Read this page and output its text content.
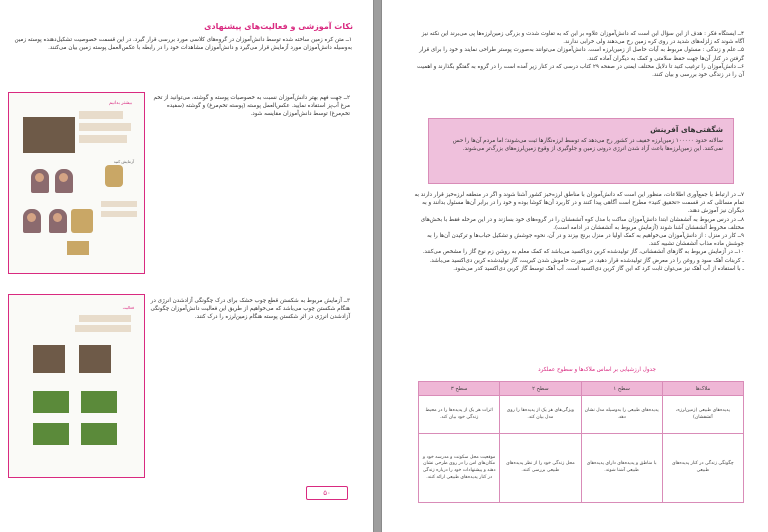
نکات آموزشی و فعالیت‌های پیشنهادی
۱ــ متن کره زمین ساخته شده توسط دانش‌آموزان در گروه‌های کلاسی مورد بررسی قرار گیرد. در این قسمت خصوصیت تشکیل‌دهنده پوسته زمین به‌وسیله دانش‌آموزان مورد آزمایش قرار می‌گیرد و دانش‌آموزان مشاهدات خود را در رابطه با عکس‌العمل پوسته زمین بیان می‌کنند.
۲ــ جهت فهم بهتر دانش‌آموزان نسبت به خصوصیات پوسته و گوشته، می‌توانید از تخم مرغ آب‌پز استفاده نمایید. عکس‌العمل پوسته (پوسته تخم‌مرغ) و گوشته (سفیده تخم‌مرغ) توسط دانش‌آموزان مقایسه شود.
۳ــ آزمایش مربوط به شکستن قطع چوب خشک برای درک چگونگی آزادشدن انرژی در هنگام شکستن چوب می‌باشد که می‌خواهیم از طریق این فعالیت دانش‌آموزان چگونگی آزادشدن انرژی در اثر شکستن پوسته هنگام زمین‌لرزه را درک کنند.
بیشتر بدانیم
آزمایش کنید
فعالیت
۵۰
۴ــ ایستگاه فکر : هدف از این سؤال این است که دانش‌آموزان علاوه بر این که به تفاوت شدت و بزرگی زمین‌لرزه‌ها پی می‌برند این نکته نیز آگاه شوند که زلزله‌های شدید در روی کره زمین رخ می‌دهند ولی خرابی ندارند.
۵ــ علم و زندگی : مسئول مربوط به آیات حاصل از زمین‌لرزه است. دانش‌آموزان می‌توانند به‌صورت پوستر طراحی نمایند و خود را برای قرار گرفتن در کنار آن‌ها جهت حفظ سلامتی و کمک به دیگران آماده کنند.
۶ــ دانش‌آموزان را ترغیب کنید تا دلایل مختلف ایمنی در صفحه ۲۹ کتاب درسی که در کنار زیر آمده است را در گروه به گفتگو بگذارند و اهمیت آن را در زندگی خود بررسی و بیان کنند.
شگفتی‌های آفرینش
سالانه حدود ۱۰۰۰۰۰ زمین‌لرزه خفیف در کشور رخ می‌دهد که توسط لرزه‌نگارها ثبت می‌شوند؛ اما مردم آن‌ها را حس نمی‌کنند. این زمین‌لرزه‌ها باعث آزاد شدن انرژی درونی زمین و جلوگیری از وقوع زمین‌لرزه‌های بزرگ‌تر می‌شوند.
۷ــ در ارتباط با جمع‌آوری اطلاعات، منظور این است که دانش‌آموزان با مناطق لرزه‌خیز کشور آشنا شوند و اگر در منطقه لرزه‌خیز قرار دارند به تمام مسائلی که در قسمت «تحقیق کنید» مطرح است آگاهی پیدا کنند و در کاربرد آن‌ها کوشا بوده و خود را در برابر آن‌ها مسئول بدانند و به دیگران نیز آموزش دهند.
۸ــ در درس مربوط به آتشفشان ابتدا دانش‌آموزان ساکت با مدل کوه آتشفشان را در گروه‌های خود بسازند و در این مرحله فقط با بخش‌های مختلف مخروط آتشفشان آشنا شوند (آزمایش مربوط به آتشفشان در ادامه است).
۹ــ کار در منزل : از دانش‌آموزان می‌خواهیم به کمک اولیا در منزل برنج بپزند و در آن، نحوه جوشش و تشکیل حباب‌ها و ترکیدن آن‌ها را به جوشش ماده مذاب آتشفشان تشبیه کنند.
۱۰ــ در آزمایش مربوط به گازهای آتشفشانی، گاز تولیدشده کربن دی‌اکسید می‌باشد که کمک معلم به روشن زم نوع گاز را مشخص می‌کنند.
ـ کربنات آهک سود و روغن را در معرض گاز تولیدشده قرار دهید، در صورت خاموش شدن کبریت، گاز تولیدشده کربن دی‌اکسید می‌باشد.
ـ با استفاده از آب آهک نیز می‌توان ثابت کرد که این گاز کربن دی‌اکسید است. آب آهک توسط گاز کربن دی‌اکسید کدر می‌شود.
جدول ارزشیابی بر اساس ملاک‌ها و سطوح عملکرد
ملاک‌ها	سطح ۱	سطح ۲	سطح ۳
پدیده‌های طبیعی (زمین‌لرزه، آتشفشان)	پدیده‌های طبیعی را به‌وسیله مدل نشان دهد.	ویژگی‌های هر یک از پدیده‌ها را روی مدل بیان کند.	اثرات هر یک از پدیده‌ها را در محیط زندگی خود بیان کند.
چگونگی زندگی در کنار پدیده‌های طبیعی	با مناطق و پدیده‌های دارای پدیده‌های طبیعی آشنا شوند.	محل زندگی خود را از نظر پدیده‌های طبیعی بررسی کنند.	موقعیت محل سکونت و مدرسه خود و مکان‌های امن را در روی طرحی نشان دهند و پیشنهادات خود را درباره زندگی در کنار پدیده‌های طبیعی ارائه کنند.
